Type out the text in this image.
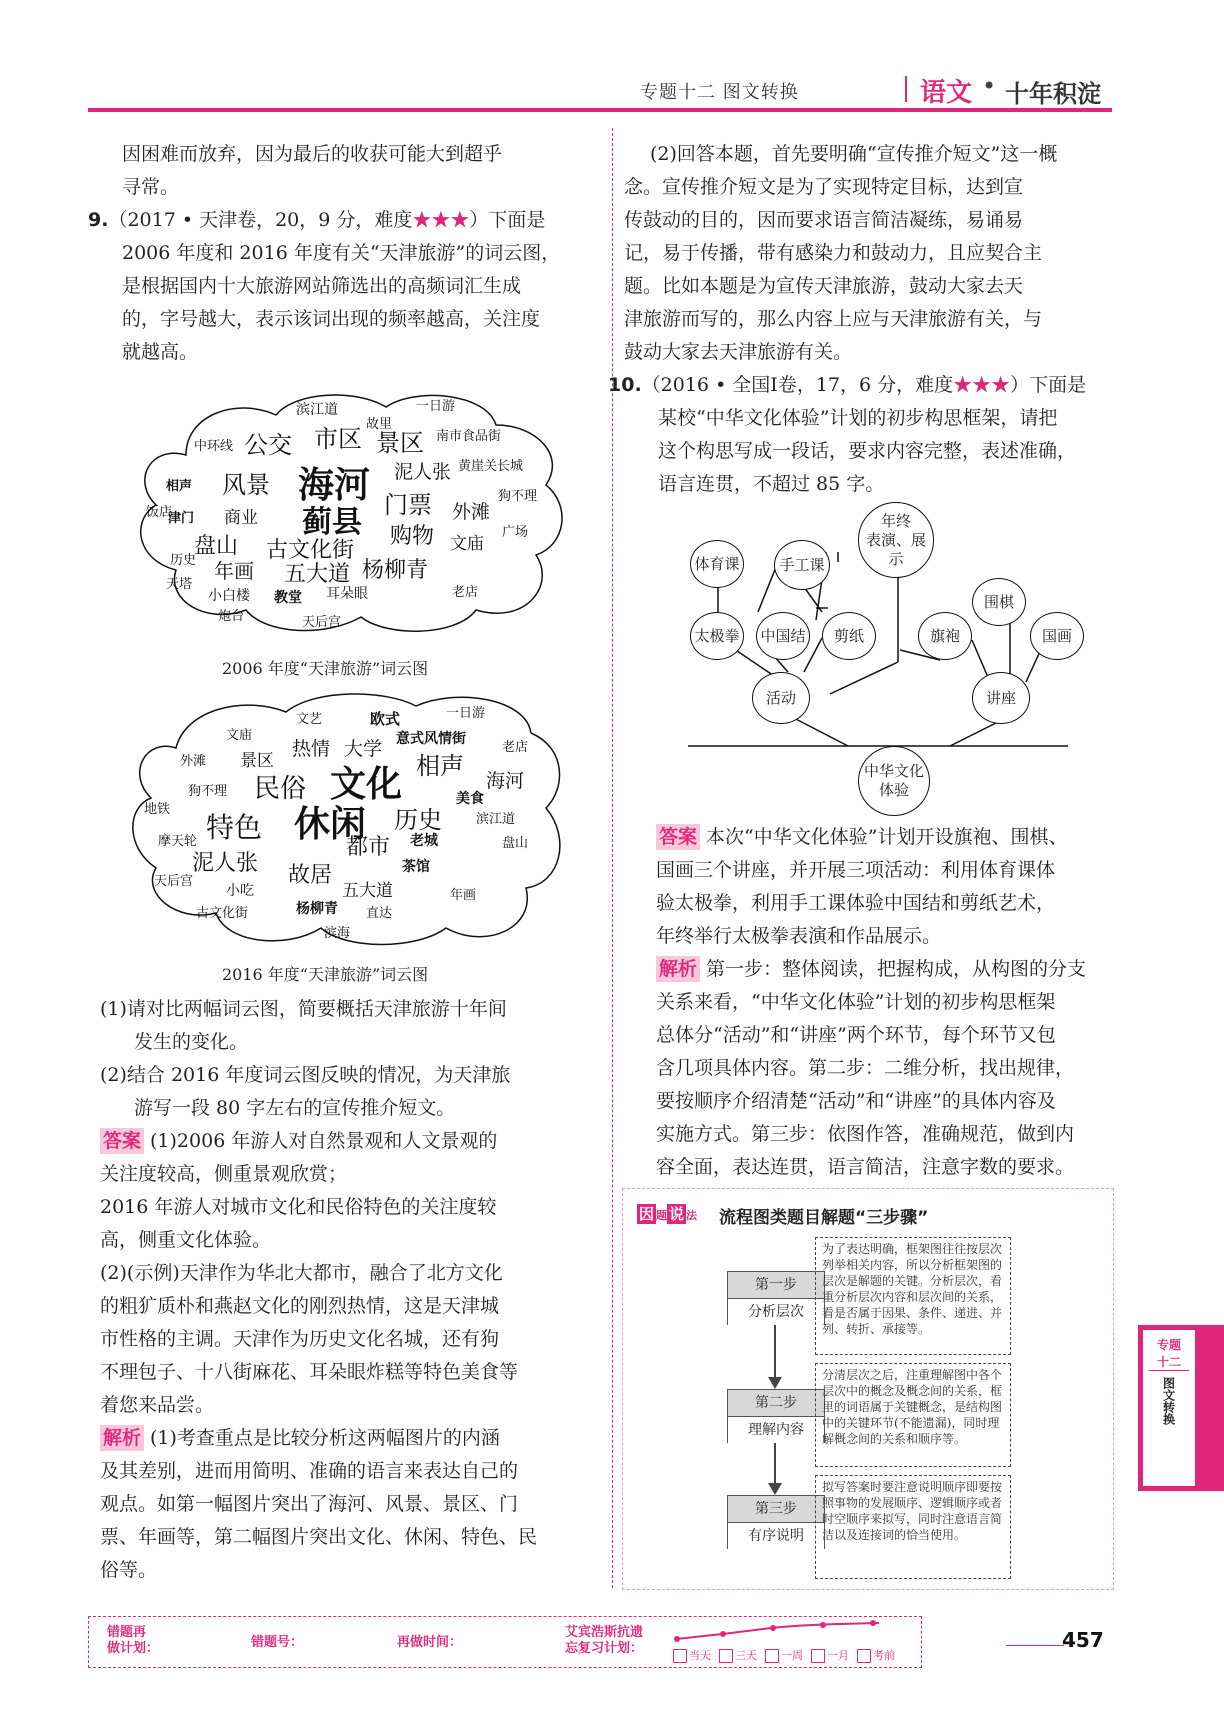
专题十二 图文转换	语文 • 十年积淀
因困难而放弃，因为最后的收获可能大到超乎
寻常。
9.（2017 • 天津卷，20，9 分，难度★★★）下面是
2006 年度和 2016 年度有关“天津旅游”的词云图，
是根据国内十大旅游网站筛选出的高频词汇生成
的，字号越大，表示该词出现的频率越高，关注度
就越高。
滨江道
故里
一日游
中环线 公交 市区 景区 南市食品街
相声 风景 海河 泥人张 黄崖关长城
饭店	蓟县 门票	狗不理
津门 商业	外滩
广场
盘山 古文化街
购物 文庙
历史 年画 五大道 杨柳青
天塔
小白楼 教堂 耳朵眼	老店
炮台	天后宫
2006 年度“天津旅游”词云图
文艺	欧式	一日游
文庙	意式风情街
外滩 景区
热情 大学	老店
相声
狗不理 民俗 文化	海河
地铁
美食
特色 休闲 历史	滨江道
摩天轮	都市 老城	盘山
泥人张
天后宫	故居	茶馆
小吃	五大道	年画
古文化街	杨柳青 直达
滨海
2016 年度“天津旅游”词云图
(1)请对比两幅词云图，简要概括天津旅游十年间
发生的变化。
(2)结合 2016 年度词云图反映的情况，为天津旅
游写一段 80 字左右的宣传推介短文。
答案 (1)2006 年游人对自然景观和人文景观的
关注度较高，侧重景观欣赏；
2016 年游人对城市文化和民俗特色的关注度较
高，侧重文化体验。
(2)(示例)天津作为华北大都市，融合了北方文化
的粗犷质朴和燕赵文化的刚烈热情，这是天津城
市性格的主调。天津作为历史文化名城，还有狗
不理包子、十八街麻花、耳朵眼炸糕等特色美食等
着您来品尝。
解析 (1)考查重点是比较分析这两幅图片的内涵
及其差别，进而用简明、准确的语言来表达自己的
观点。如第一幅图片突出了海河、风景、景区、门
票、年画等，第二幅图片突出文化、休闲、特色、民
俗等。
(2)回答本题，首先要明确“宣传推介短文”这一概
念。宣传推介短文是为了实现特定目标，达到宣
传鼓动的目的，因而要求语言简洁凝练，易诵易
记，易于传播，带有感染力和鼓动力，且应契合主
题。比如本题是为宣传天津旅游，鼓动大家去天
津旅游而写的，那么内容上应与天津旅游有关，与
鼓动大家去天津旅游有关。
10.（2016 • 全国Ⅰ卷，17，6 分，难度★★★）下面是
某校“中华文化体验”计划的初步构思框架，请把
这个构思写成一段话，要求内容完整，表述准确，
语言连贯，不超过 85 字。
体育课	手工课
年终
表演、展示
太极拳	中国结	剪纸
活动
旗袍
围棋
国画
讲座
中华文化
体验
答案 本次“中华文化体验”计划开设旗袍、围棋、
国画三个讲座，并开展三项活动：利用体育课体
验太极拳，利用手工课体验中国结和剪纸艺术，
年终举行太极拳表演和作品展示。
解析 第一步：整体阅读，把握构成，从构图的分支
关系来看，“中华文化体验”计划的初步构思框架
总体分“活动”和“讲座”两个环节，每个环节又包
含几项具体内容。第二步：二维分析，找出规律，
要按顺序介绍清楚“活动”和“讲座”的具体内容及
实施方式。第三步：依图作答，准确规范，做到内
容全面，表达连贯，语言简洁，注意字数的要求。
因 题 说 法 流程图类题目解题“三步骤”
第一步
分析层次
为了表达明确，框架图往往按层次列举相关内容，所以分析框架图的层次是解题的关键。分析层次，看重分析层次内容和层次间的关系，看是否属于因果、条件、递进、并列、转折、承接等。
第二步
理解内容
分清层次之后，注重理解图中各个层次中的概念及概念间的关系，框里的词语属于关键概念，是结构图中的关键环节(不能遗漏)，同时理解概念间的关系和顺序等。
第三步
有序说明
拟写答案时要注意说明顺序即要按照事物的发展顺序、逻辑顺序或者时空顺序来拟写，同时注意语言简洁以及连接词的恰当使用。
专题
十二
图文转换
错题再
做计划：	错题号：	再做时间：
艾宾浩斯抗遗
忘复习计划：	当天	三天	一周	一月	考前
457
